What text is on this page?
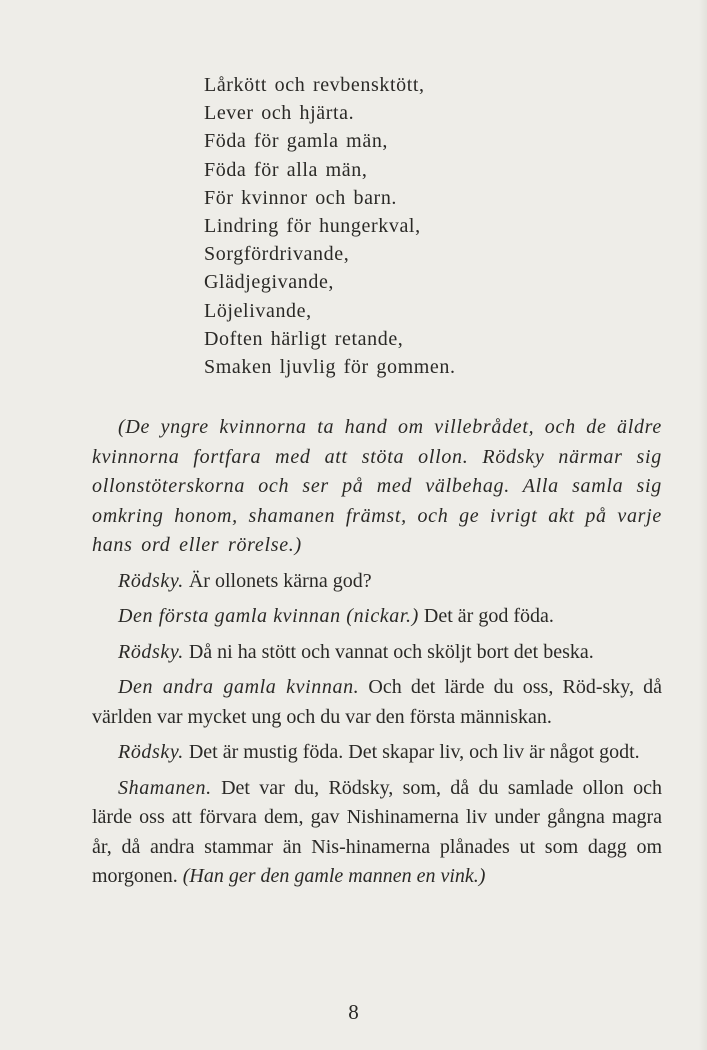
Lårkött och revbensktött,
Lever och hjärta.
Föda för gamla män,
Föda för alla män,
För kvinnor och barn.
Lindring för hungerkval,
Sorgfördrivande,
Glädjegivande,
Löjelivande,
Doften härligt retande,
Smaken ljuvlig för gommen.

(De yngre kvinnorna ta hand om villebrådet, och de äldre kvinnorna fortfara med att stöta ollon. Rödsky närmar sig ollonstöterskorna och ser på med välbehag. Alla samla sig omkring honom, shamanen främst, och ge ivrigt akt på varje hans ord eller rörelse.)

Rödsky. Är ollonets kärna god?

Den första gamla kvinnan (nickar.) Det är god föda.

Rödsky. Då ni ha stött och vannat och sköljt bort det beska.

Den andra gamla kvinnan. Och det lärde du oss, Röd-sky, då världen var mycket ung och du var den första människan.

Rödsky. Det är mustig föda. Det skapar liv, och liv är något godt.

Shamanen. Det var du, Rödsky, som, då du samlade ollon och lärde oss att förvara dem, gav Nishinamerna liv under gångna magra år, då andra stammar än Nis-hinamerna plånades ut som dagg om morgonen. (Han ger den gamle mannen en vink.)

8
